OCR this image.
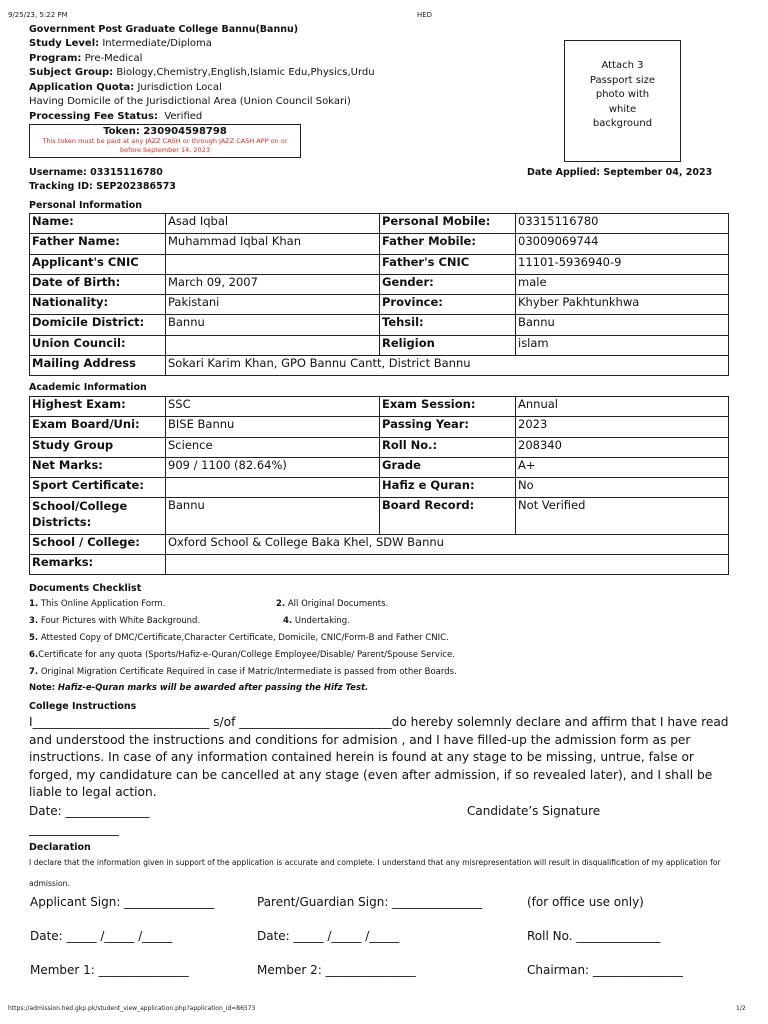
9/25/23, 5:22 PM	HED
Government Post Graduate College Bannu(Bannu)
Study Level: Intermediate/Diploma
Program: Pre-Medical
Subject Group: Biology,Chemistry,English,Islamic Edu,Physics,Urdu
Application Quota: Jurisdiction Local
Having Domicile of the Jurisdictional Area (Union Council Sokari)
Processing Fee Status: Verified
Attach 3
Passport size
photo with
white
background
Token: 230904598798
This token must be paid at any JAZZ CASH or through JAZZ CASH APP on or
before September 14, 2023
Username: 03315116780
Tracking ID: SEP202386573
Date Applied: September 04, 2023
Personal Information
Name:	Asad Iqbal	Personal Mobile:	03315116780
Father Name:	Muhammad Iqbal Khan	Father Mobile:	03009069744
Applicant's CNIC		Father's CNIC	11101-5936940-9
Date of Birth:	March 09, 2007	Gender:	male
Nationality:	Pakistani	Province:	Khyber Pakhtunkhwa
Domicile District:	Bannu	Tehsil:	Bannu
Union Council:		Religion	islam
Mailing Address	Sokari Karim Khan, GPO Bannu Cantt, District Bannu		
Academic Information
Highest Exam:	SSC	Exam Session:	Annual
Exam Board/Uni:	BISE Bannu	Passing Year:	2023
Study Group	Science	Roll No.:	208340
Net Marks:	909 / 1100 (82.64%)	Grade	A+
Sport Certificate:		Hafiz e Quran:	No

School/College
Districts:	Bannu	Board Record:	Not Verified
School / College:	Oxford School & College Baka Khel, SDW Bannu		
Remarks:			
Documents Checklist
1. This Online Application Form.	2. All Original Documents.
3. Four Pictures with White Background.	4. Undertaking.
5. Attested Copy of DMC/Certificate,Character Certificate, Domicile, CNIC/Form-B and Father CNIC.
6.Certificate for any quota (Sports/Hafiz-e-Quran/College Employee/Disable/ Parent/Spouse Service.
7. Original Migration Certificate Required in case if Matric/Intermediate is passed from other Boards.
Note: Hafiz-e-Quran marks will be awarded after passing the Hifz Test.
College Instructions
I_____________________________ s/of _________________________do hereby solemnly declare and affirm that I have read and understood the instructions and conditions for admision , and I have filled-up the admission form as per instructions. In case of any information contained herein is found at any stage to be missing, untrue, false or forged, my candidature can be cancelled at any stage (even after admission, if so revealed later), and I shall be liable to legal action.
Date: ______________	Candidate’s Signature
_______________
Declaration
I declare that the information given in support of the application is accurate and complete. I understand that any misrepresentation will result in disqualification of my application for admission.
Applicant Sign: _______________	Parent/Guardian Sign: _______________	(for office use only)
Date: _____ /_____ /_____	Date: _____ /_____ /_____	Roll No. ______________
Member 1: _______________	Member 2: _______________	Chairman: _______________
https://admission.hed.gkp.pk/student_view_application.php?application_id=86573	1/2
